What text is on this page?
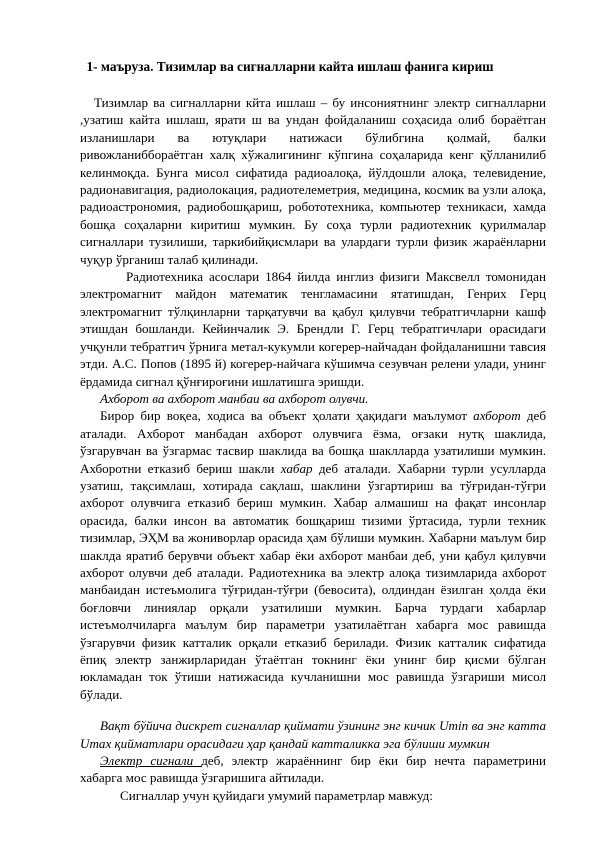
1- маъруза. Тизимлар ва сигналларни кайта ишлаш фанига кириш

Тизимлар ва сигналларни кйта ишлаш – бу инсониятнинг электр сигналларни ,узатиш кайта ишлаш, ярати ш ва ундан фойдаланиш соҳасида олиб борaётган изланишлари ва ютуқлари натижаси бўлибгина қолмай, балки ривожланибборaётган халқ хўжалигининг кўпгина соҳаларида кенг қўлланилиб келинмоқда. Бунга мисол сифатида радиоалоқа, йўлдошли алоқа, телевидение, радионавигация, радиолокация, радиотелеметрия, медицина, космик ва узли алоқа, радиоастрономия, радиобошқариш, робототехника, компьютер техникаси, хамда бошқа соҳаларни киритиш мумкин. Бу соҳа турли радиотехник қурилмалар сигналлари тузилиши, таркибийқисмлари ва улардаги турли физик жараёнларни чуқур ўрганиш талаб қилинади.

Радиотехника асослари 1864 йилда инглиз физиги Максвелл томонидан электромагнит майдон математик тенгламасини ятатишдан, Генрих Герц электромагнит тўлқинларни тарқатувчи ва қабул қилувчи тебратгичларни кашф этишдан бошланди. Кейинчалик Э. Брендли Г. Герц тебратгичлари орасидаги учқунли тебратгич ўрнига метал-кукумли когерер-найчадан фойдаланишни тавсия этди. А.С. Попов (1895 й) когерер-найчага кўшимча сезувчан релени улади, унинг ёрдамида сигнал қўнғироғини ишлатишга эришди.

Ахборот ва ахборот манбаи ва ахборот олувчи.

Бирор бир воқеа, ходиса ва объект ҳолати ҳақидаги маълумот ахборот деб аталади. Ахборот манбадан ахборот олувчига ёзма, оғзаки нутқ шаклида, ўзгарувчан ва ўзгармас тасвир шаклида ва бошқа шаклларда узатилиши мумкин. Ахборотни етказиб бериш шакли хабар деб аталади. Хабарни турли усулларда узатиш, тақсимлаш, хотирада сақлаш, шаклини ўзгартириш ва тўғридан-тўғри ахборот олувчига етказиб бериш мумкин. Хабар алмашиш на фақат инсонлар орасида, балки инсон ва автоматик бошқариш тизими ўртасида, турли техник тизимлар, ЭҲМ ва жониворлар орасида ҳам бўлиши мумкин. Хабарни маълум бир шаклда яратиб берувчи объект хабар ёки ахборот манбаи деб, уни қабул қилувчи ахборот олувчи деб аталади. Радиотехника ва электр алоқа тизимларида ахборот манбаидан истеъмолига тўғридан-тўғри (бевосита), олдиндан ёзилган ҳолда ёки боғловчи линиялар орқали узатилиши мумкин. Барча турдаги хабарлар истеъмолчиларга маълум бир параметри узатилаётган хабарга мос равишда ўзгарувчи физик катталик орқали етказиб берилади. Физик катталик сифатида ёпиқ электр занжирларидан ўтаётган токнинг ёки унинг бир қисми бўлган юкламадан ток ўтиши натижасида кучланишни мос равишда ўзгариши мисол бўлади.

Вақт бўйича дискрет сигналлар қиймати ўзининг энг кичик Umin ва энг катта Umax қийматлари орасидаги ҳар қандай катталикка эга бўлиши мумкин

Электр сигнали деб, электр жараённинг бир ёки бир нечта параметрини хабарга мос равишда ўзгаришига айтилади.

Сигналлар учун қуйидаги умумий параметрлар мавжуд:
